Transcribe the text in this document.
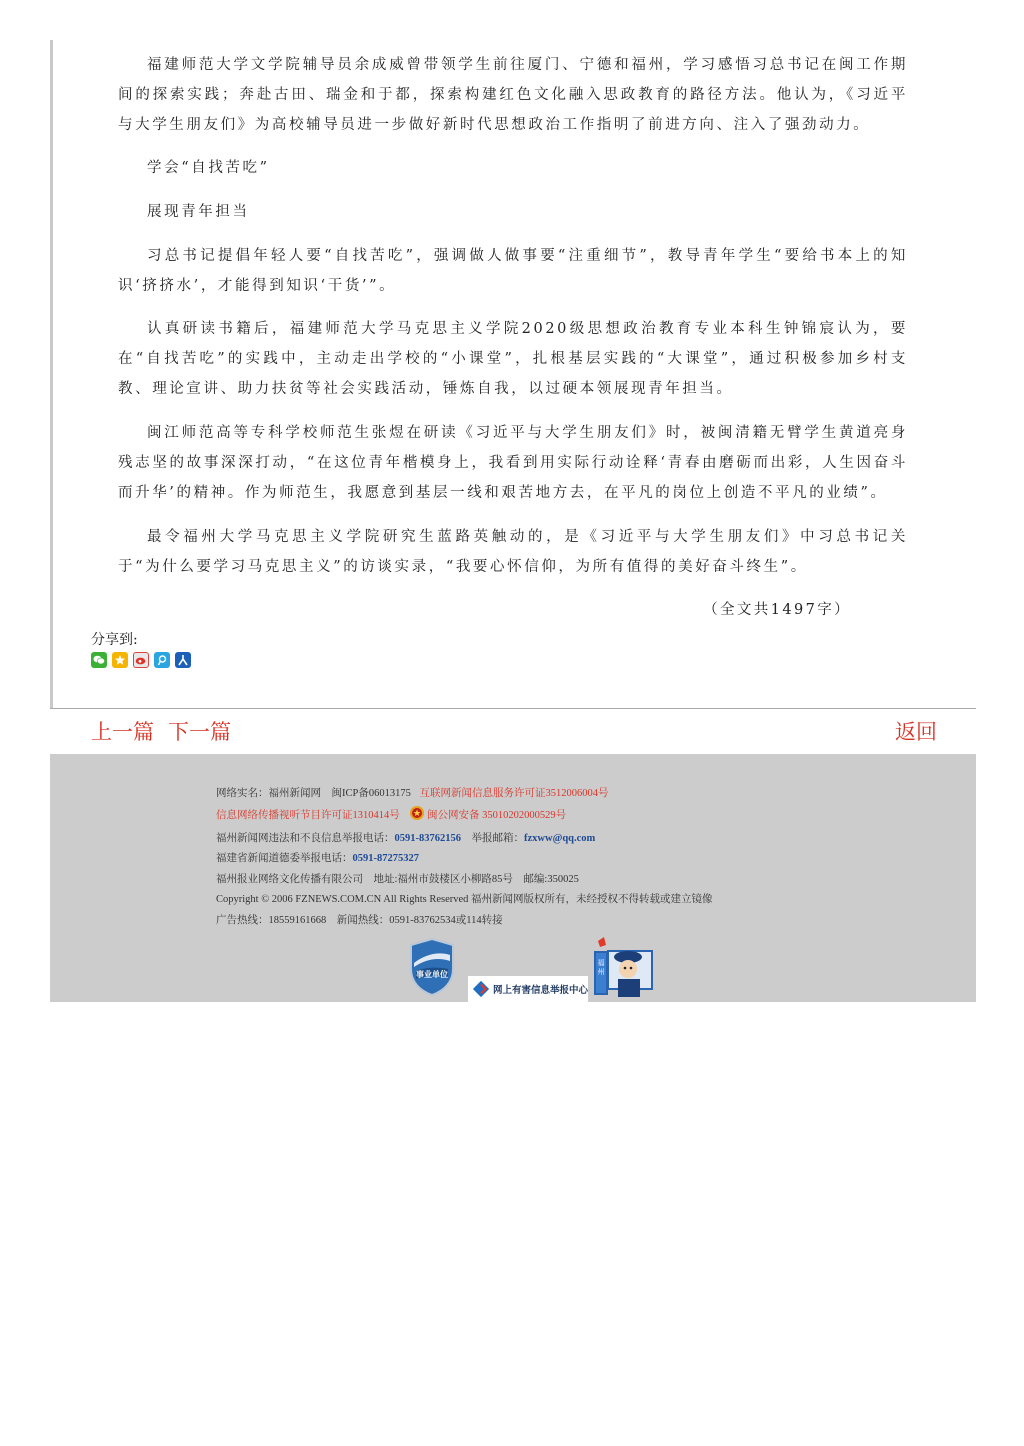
福建师范大学文学院辅导员余成威曾带领学生前往厦门、宁德和福州，学习感悟习总书记在闽工作期间的探索实践；奔赴古田、瑞金和于都，探索构建红色文化融入思政教育的路径方法。他认为，《习近平与大学生朋友们》为高校辅导员进一步做好新时代思想政治工作指明了前进方向、注入了强劲动力。

学会“自找苦吃”

展现青年担当

习总书记提倡年轻人要“自找苦吃”，强调做人做事要“注重细节”，教导青年学生“要给书本上的知识‘挤挤水’，才能得到知识‘干货’”。

认真研读书籍后，福建师范大学马克思主义学院2020级思想政治教育专业本科生钟锦宸认为，要在“自找苦吃”的实践中，主动走出学校的“小课堂”，扎根基层实践的“大课堂”，通过积极参加乡村支教、理论宣讲、助力扶贫等社会实践活动，锤炼自我，以过硬本领展现青年担当。

闽江师范高等专科学校师范生张煜在研读《习近平与大学生朋友们》时，被闽清籍无臂学生黄道亮身残志坚的故事深深打动，“在这位青年楷模身上，我看到用实际行动诠释‘青春由磨砺而出彩，人生因奋斗而升华’的精神。作为师范生，我愿意到基层一线和艰苦地方去，在平凡的岗位上创造不平凡的业绩”。

最令福州大学马克思主义学院研究生蓝路英触动的，是《习近平与大学生朋友们》中习总书记关于“为什么要学习马克思主义”的访谈实录，“我要心怀信仰，为所有值得的美好奋斗终生”。

（全文共1497字）
分享到:
上一篇 下一篇	返回
网络实名：福州新闻网　闽ICP备06013175 互联网新闻信息服务许可证3512006004号
信息网络传播视听节目许可证1310414号	闽公网安备 35010202000529号
福州新闻网违法和不良信息举报电话：0591-83762156　举报邮箱：fzxww@qq.com
福建省新闻道德委举报电话：0591-87275327
福州报业网络文化传播有限公司　地址:福州市鼓楼区小柳路85号　邮编:350025
Copyright © 2006 FZNEWS.COM.CN All Rights Reserved 福州新闻网版权所有，未经授权不得转载或建立镜像
广告热线：18559161668　新闻热线：0591-83762534或114转接
事业单位
网上有害信息举报中心
福州
